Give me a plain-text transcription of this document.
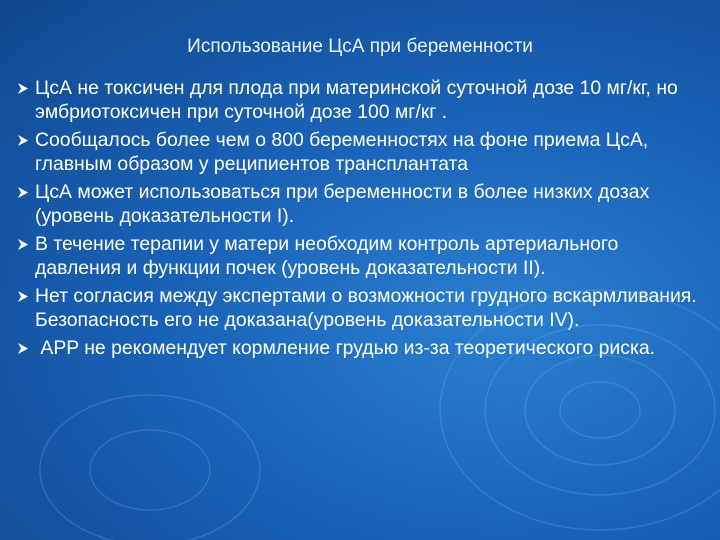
Использование ЦсА при беременности
ЦсА не токсичен для плода при материнской суточной дозе 10 мг/кг, но эмбриотоксичен при суточной дозе 100 мг/кг .
Сообщалось более чем о 800 беременностях на фоне приема ЦсА, главным образом у реципиентов трансплантата
ЦсА может использоваться при беременности в более низких дозах (уровень доказательности I).
В течение терапии у матери необходим контроль артериального давления и функции почек (уровень доказательности II).
Нет согласия между экспертами о возможности грудного вскармливания. Безопасность его не доказана(уровень доказательности IV).
APP не рекомендует кормление грудью из-за теоретического риска.
